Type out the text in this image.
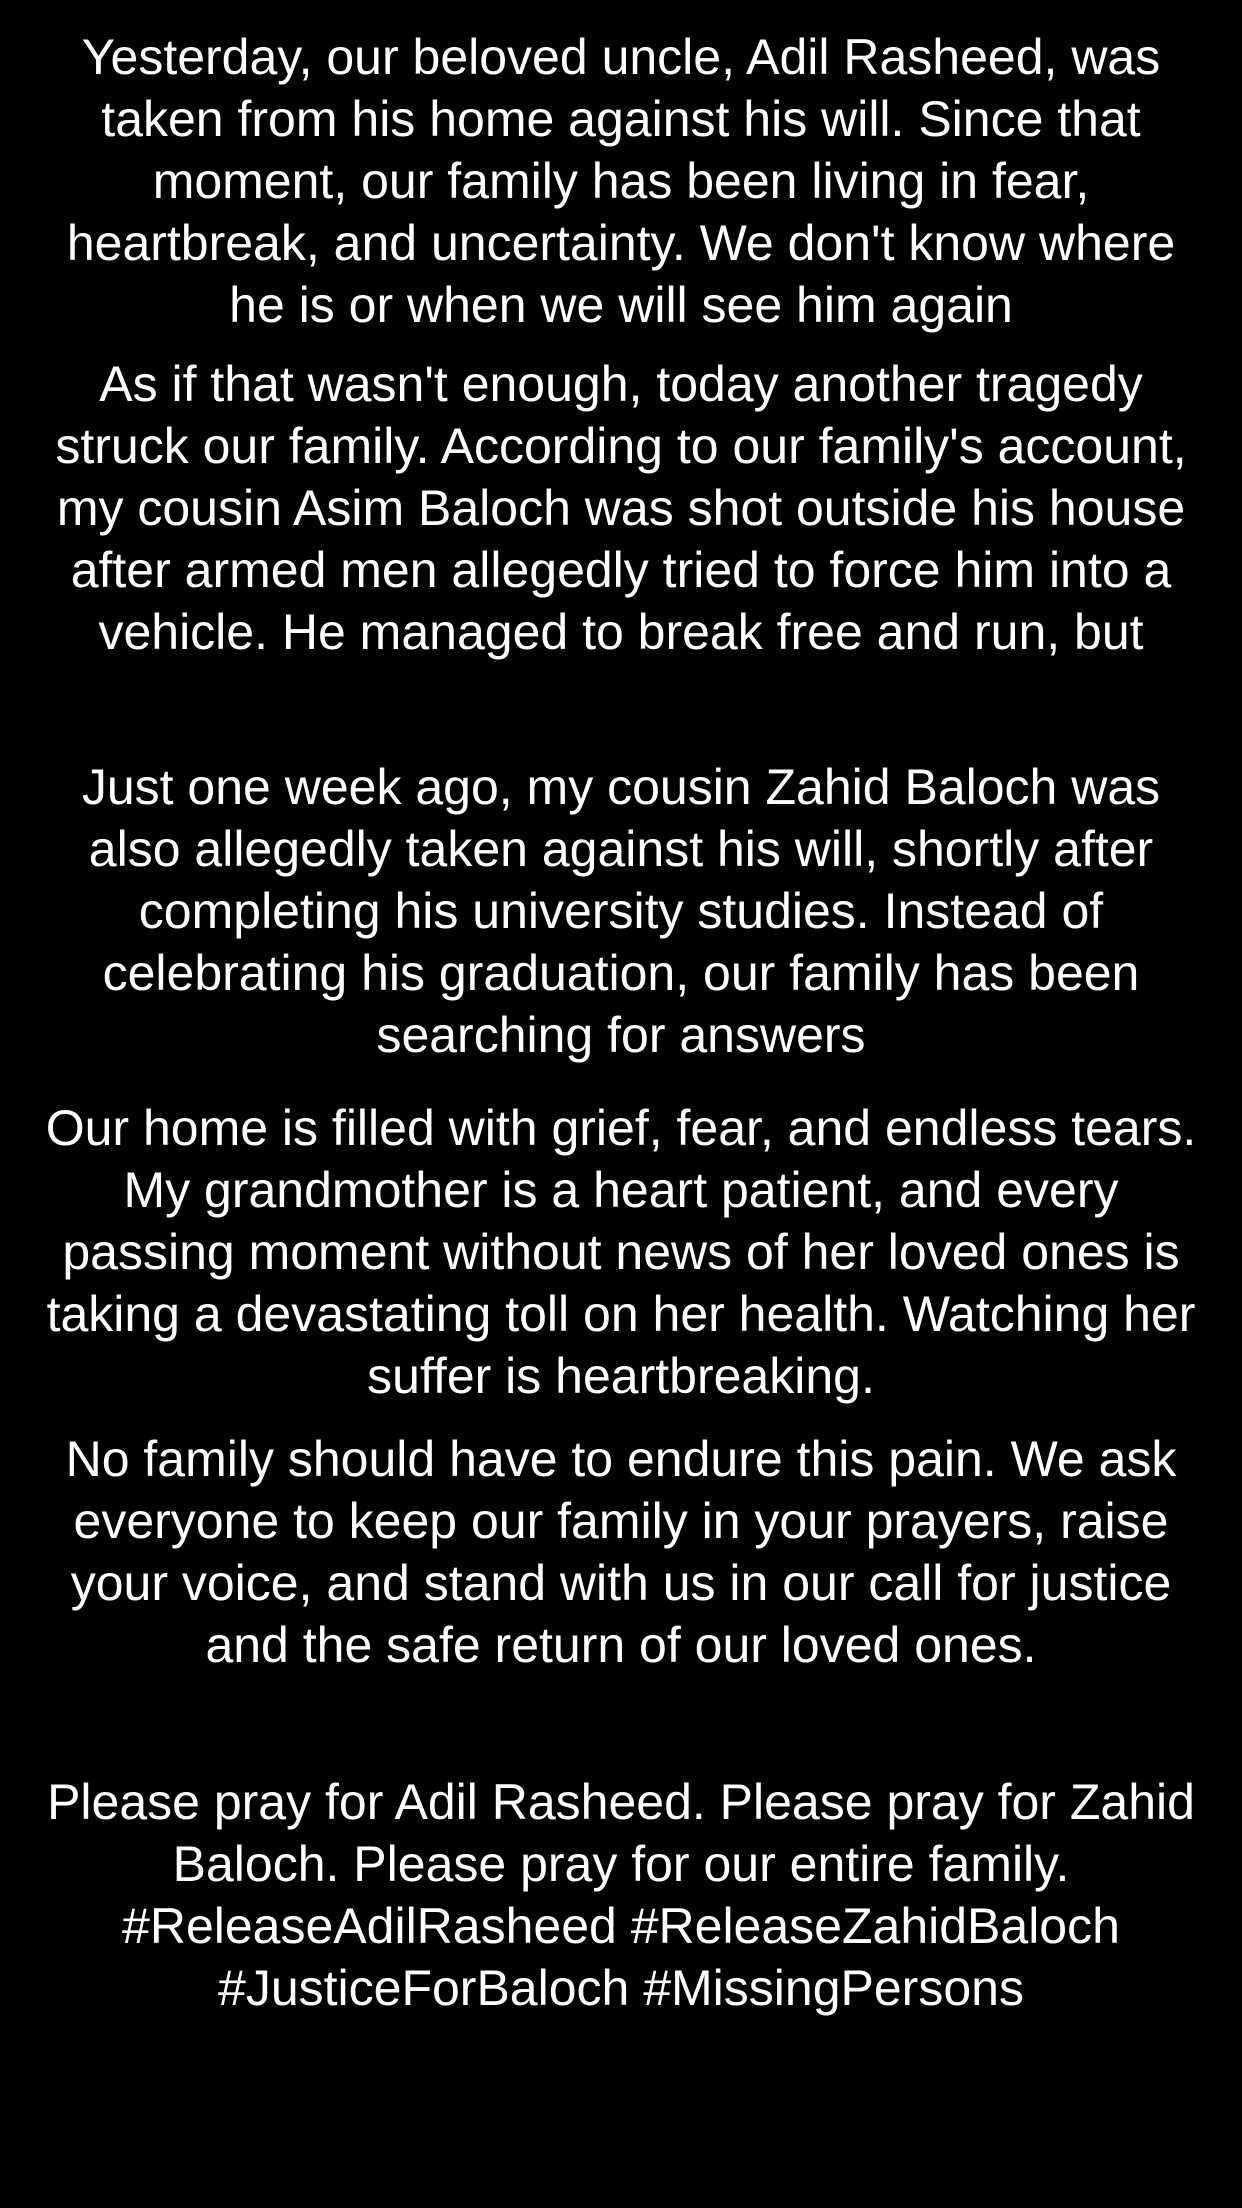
Yesterday, our beloved uncle, Adil Rasheed, was taken from his home against his will. Since that moment, our family has been living in fear, heartbreak, and uncertainty. We don't know where he is or when we will see him again

As if that wasn't enough, today another tragedy struck our family. According to our family's account, my cousin Asim Baloch was shot outside his house after armed men allegedly tried to force him into a vehicle. He managed to break free and run, but

Just one week ago, my cousin Zahid Baloch was also allegedly taken against his will, shortly after completing his university studies. Instead of celebrating his graduation, our family has been searching for answers

Our home is filled with grief, fear, and endless tears. My grandmother is a heart patient, and every passing moment without news of her loved ones is taking a devastating toll on her health. Watching her suffer is heartbreaking.

No family should have to endure this pain. We ask everyone to keep our family in your prayers, raise your voice, and stand with us in our call for justice and the safe return of our loved ones.

Please pray for Adil Rasheed. Please pray for Zahid Baloch. Please pray for our entire family. #ReleaseAdilRasheed #ReleaseZahidBaloch #JusticeForBaloch #MissingPersons
